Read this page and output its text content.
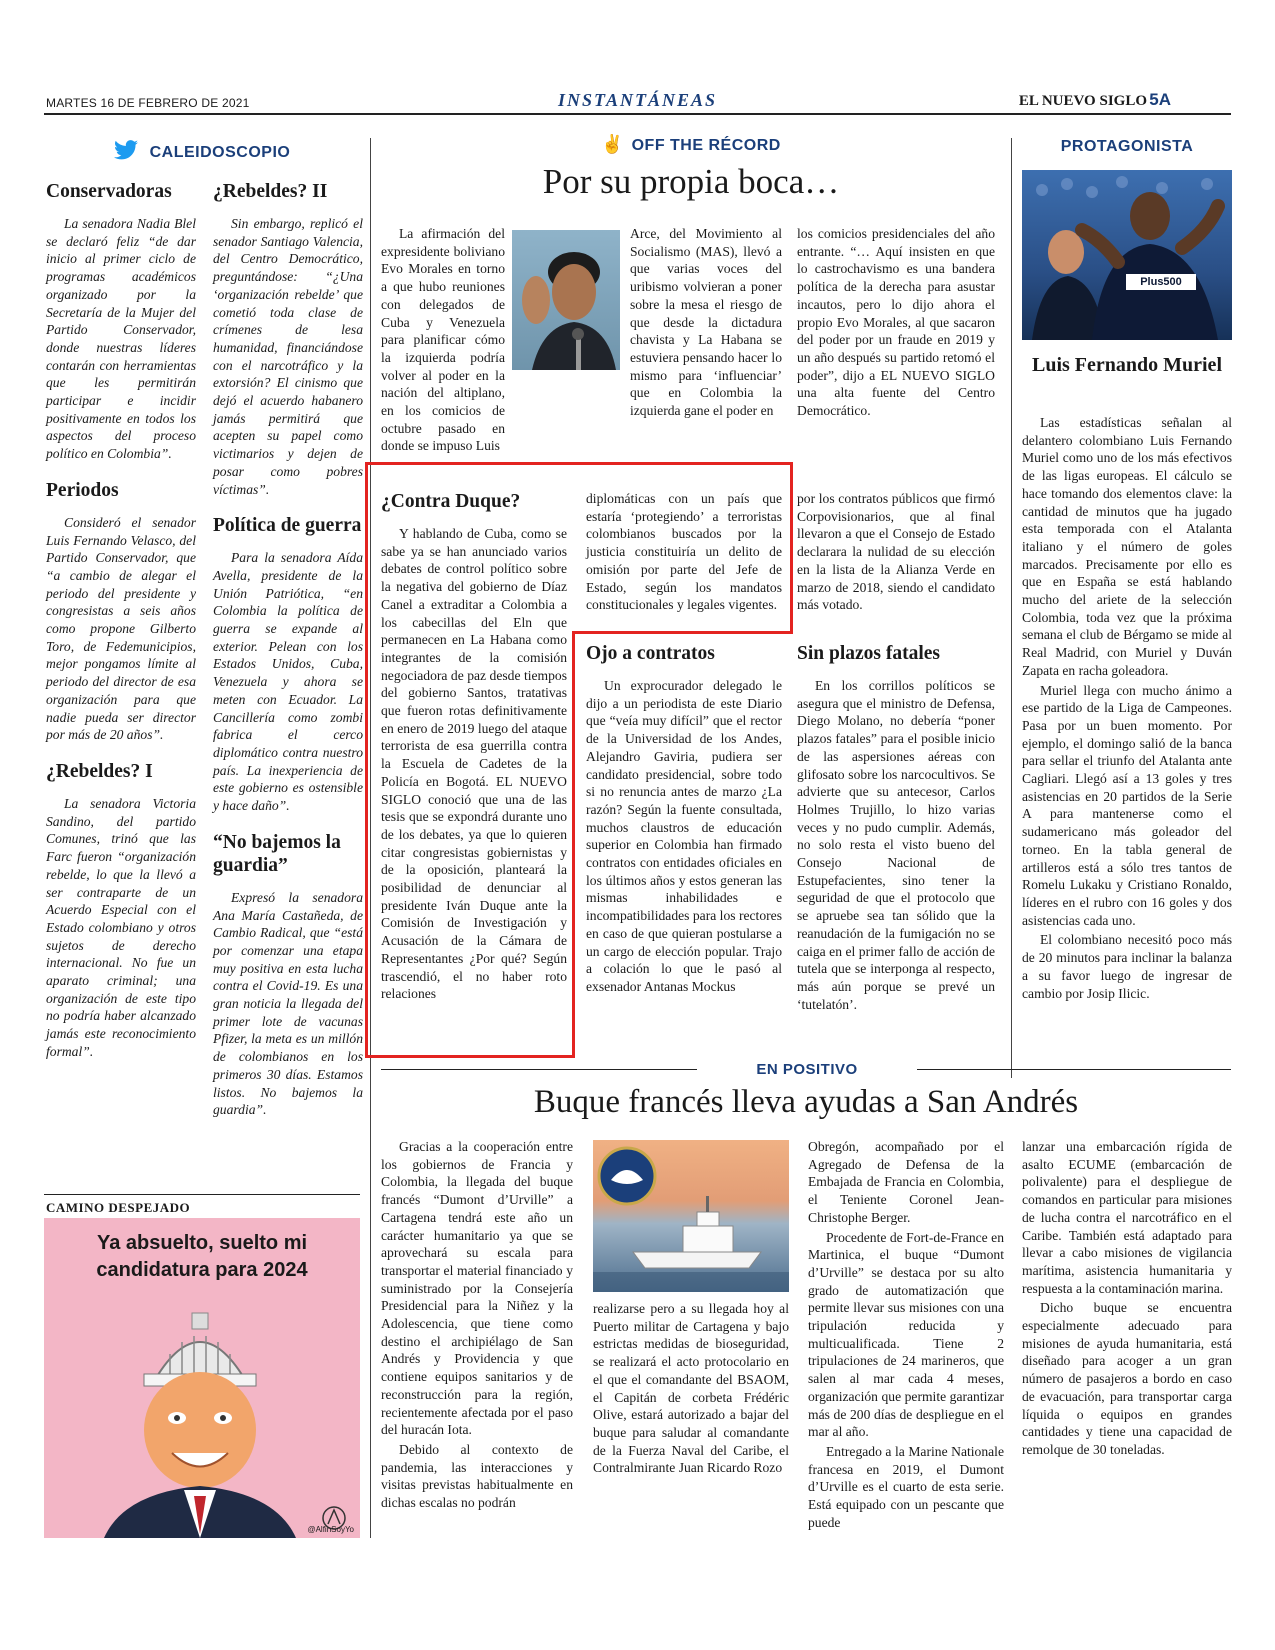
MARTES 16 DE FEBRERO DE 2021	INSTANTÁNEAS	EL NUEVO SIGLO 5A
CALEIDOSCOPIO
Conservadoras

La senadora Nadia Blel se declaró feliz “de dar inicio al primer ciclo de programas académicos organizado por la Secretaría de la Mujer del Partido Conservador, donde nuestras líderes contarán con herramientas que les permitirán participar e incidir positivamente en todos los aspectos del proceso político en Colombia”.

Periodos

Consideró el senador Luis Fernando Velasco, del Partido Conservador, que “a cambio de alegar el periodo del presidente y congresistas a seis años como propone Gilberto Toro, de Fedemunicipios, mejor pongamos límite al periodo del director de esa organización para que nadie pueda ser director por más de 20 años”.

¿Rebeldes? I

La senadora Victoria Sandino, del partido Comunes, trinó que las Farc fueron “organización rebelde, lo que la llevó a ser contraparte de un Acuerdo Especial con el Estado colombiano y otros sujetos de derecho internacional. No fue un aparato criminal; una organización de este tipo no podría haber alcanzado jamás este reconocimiento formal”.

¿Rebeldes? II

Sin embargo, replicó el senador Santiago Valencia, del Centro Democrático, preguntándose: “¿Una ‘organización rebelde’ que cometió toda clase de crímenes de lesa humanidad, financiándose con el narcotráfico y la extorsión? El cinismo que dejó el acuerdo habanero jamás permitirá que acepten su papel como victimarios y dejen de posar como pobres víctimas”.

Política de guerra

Para la senadora Aída Avella, presidente de la Unión Patriótica, “en Colombia la política de guerra se expande al exterior. Pelean con los Estados Unidos, Cuba, Venezuela y ahora se meten con Ecuador. La Cancillería como zombi fabrica el cerco diplomático contra nuestro país. La inexperiencia de este gobierno es ostensible y hace daño”.

“No bajemos la guardia”

Expresó la senadora Ana María Castañeda, de Cambio Radical, que “está por comenzar una etapa muy positiva en esta lucha contra el Covid-19. Es una gran noticia la llegada del primer lote de vacunas Pfizer, la meta es un millón de colombianos en los primeros 30 días. Estamos listos. No bajemos la guardia”.

CAMINO DESPEJADO
Ya absuelto, suelto mi candidatura para 2024
@AlfinSoyYo
✌ OFF THE RÉCORD
Por su propia boca…

La afirmación del expresidente boliviano Evo Morales en torno a que hubo reuniones con delegados de Cuba y Venezuela para planificar cómo la izquierda podría volver al poder en la nación del altiplano, en los comicios de octubre pasado en donde se impuso Luis

Arce, del Movimiento al Socialismo (MAS), llevó a que varias voces del uribismo volvieran a poner sobre la mesa el riesgo de que desde la dictadura chavista y La Habana se estuviera pensando hacer lo mismo para ‘influenciar’ que en Colombia la izquierda gane el poder en

los comicios presidenciales del año entrante. “… Aquí insisten en que lo castrochavismo es una bandera política de la derecha para asustar incautos, pero lo dijo ahora el propio Evo Morales, al que sacaron del poder por un fraude en 2019 y un año después su partido retomó el poder”, dijo a EL NUEVO SIGLO una alta fuente del Centro Democrático.

¿Contra Duque?

Y hablando de Cuba, como se sabe ya se han anunciado varios debates de control político sobre la negativa del gobierno de Díaz Canel a extraditar a Colombia a los cabecillas del Eln que permanecen en La Habana como integrantes de la comisión negociadora de paz desde tiempos del gobierno Santos, tratativas que fueron rotas definitivamente en enero de 2019 luego del ataque terrorista de esa guerrilla contra la Escuela de Cadetes de la Policía en Bogotá. EL NUEVO SIGLO conoció que una de las tesis que se expondrá durante uno de los debates, ya que lo quieren citar congresistas gobiernistas y de la oposición, planteará la posibilidad de denunciar al presidente Iván Duque ante la Comisión de Investigación y Acusación de la Cámara de Representantes ¿Por qué? Según trascendió, el no haber roto relaciones

diplomáticas con un país que estaría ‘protegiendo’ a terroristas colombianos buscados por la justicia constituiría un delito de omisión por parte del Jefe de Estado, según los mandatos constitucionales y legales vigentes.

Ojo a contratos

Un exprocurador delegado le dijo a un periodista de este Diario que “veía muy difícil” que el rector de la Universidad de los Andes, Alejandro Gaviria, pudiera ser candidato presidencial, sobre todo si no renuncia antes de marzo ¿La razón? Según la fuente consultada, muchos claustros de educación superior en Colombia han firmado contratos con entidades oficiales en los últimos años y estos generan las mismas inhabilidades e incompatibilidades para los rectores en caso de que quieran postularse a un cargo de elección popular. Trajo a colación lo que le pasó al exsenador Antanas Mockus

por los contratos públicos que firmó Corpovisionarios, que al final llevaron a que el Consejo de Estado declarara la nulidad de su elección en la lista de la Alianza Verde en marzo de 2018, siendo el candidato más votado.

Sin plazos fatales

En los corrillos políticos se asegura que el ministro de Defensa, Diego Molano, no debería “poner plazos fatales” para el posible inicio de las aspersiones aéreas con glifosato sobre los narcocultivos. Se advierte que su antecesor, Carlos Holmes Trujillo, lo hizo varias veces y no pudo cumplir. Además, no solo resta el visto bueno del Consejo Nacional de Estupefacientes, sino tener la seguridad de que el protocolo que se apruebe sea tan sólido que la reanudación de la fumigación no se caiga en el primer fallo de acción de tutela que se interponga al respecto, más aún porque se prevé un ‘tutelatón’.

PROTAGONISTA
Plus500
Luis Fernando Muriel

Las estadísticas señalan al delantero colombiano Luis Fernando Muriel como uno de los más efectivos de las ligas europeas. El cálculo se hace tomando dos elementos clave: la cantidad de minutos que ha jugado esta temporada con el Atalanta italiano y el número de goles marcados. Precisamente por ello es que en España se está hablando mucho del ariete de la selección Colombia, toda vez que la próxima semana el club de Bérgamo se mide al Real Madrid, con Muriel y Duván Zapata en racha goleadora.

Muriel llega con mucho ánimo a ese partido de la Liga de Campeones. Pasa por un buen momento. Por ejemplo, el domingo salió de la banca para sellar el triunfo del Atalanta ante Cagliari. Llegó así a 13 goles y tres asistencias en 20 partidos de la Serie A para mantenerse como el sudamericano más goleador del torneo. En la tabla general de artilleros está a sólo tres tantos de Romelu Lukaku y Cristiano Ronaldo, líderes en el rubro con 16 goles y dos asistencias cada uno.

El colombiano necesitó poco más de 20 minutos para inclinar la balanza a su favor luego de ingresar de cambio por Josip Ilicic.

EN POSITIVO
Buque francés lleva ayudas a San Andrés

Gracias a la cooperación entre los gobiernos de Francia y Colombia, la llegada del buque francés “Dumont d’Urville” a Cartagena tendrá este año un carácter humanitario ya que se aprovechará su escala para transportar el material financiado y suministrado por la Consejería Presidencial para la Niñez y la Adolescencia, que tiene como destino el archipiélago de San Andrés y Providencia y que contiene equipos sanitarios y de reconstrucción para la región, recientemente afectada por el paso del huracán Iota.

Debido al contexto de pandemia, las interacciones y visitas previstas habitualmente en dichas escalas no podrán

realizarse pero a su llegada hoy al Puerto militar de Cartagena y bajo estrictas medidas de bioseguridad, se realizará el acto protocolario en el que el comandante del BSAOM, el Capitán de corbeta Frédéric Olive, estará autorizado a bajar del buque para saludar al comandante de la Fuerza Naval del Caribe, el Contralmirante Juan Ricardo Rozo

Obregón, acompañado por el Agregado de Defensa de la Embajada de Francia en Colombia, el Teniente Coronel Jean-Christophe Berger.

Procedente de Fort-de-France en Martinica, el buque “Dumont d’Urville” se destaca por su alto grado de automatización que permite llevar sus misiones con una tripulación reducida y multicualificada. Tiene 2 tripulaciones de 24 marineros, que salen al mar cada 4 meses, organización que permite garantizar más de 200 días de despliegue en el mar al año.

Entregado a la Marine Nationale francesa en 2019, el Dumont d’Urville es el cuarto de esta serie. Está equipado con un pescante que puede

lanzar una embarcación rígida de asalto ECUME (embarcación de polivalente) para el despliegue de comandos en particular para misiones de lucha contra el narcotráfico en el Caribe. También está adaptado para llevar a cabo misiones de vigilancia marítima, asistencia humanitaria y respuesta a la contaminación marina.

Dicho buque se encuentra especialmente adecuado para misiones de ayuda humanitaria, está diseñado para acoger a un gran número de pasajeros a bordo en caso de evacuación, para transportar carga líquida o equipos en grandes cantidades y tiene una capacidad de remolque de 30 toneladas.
